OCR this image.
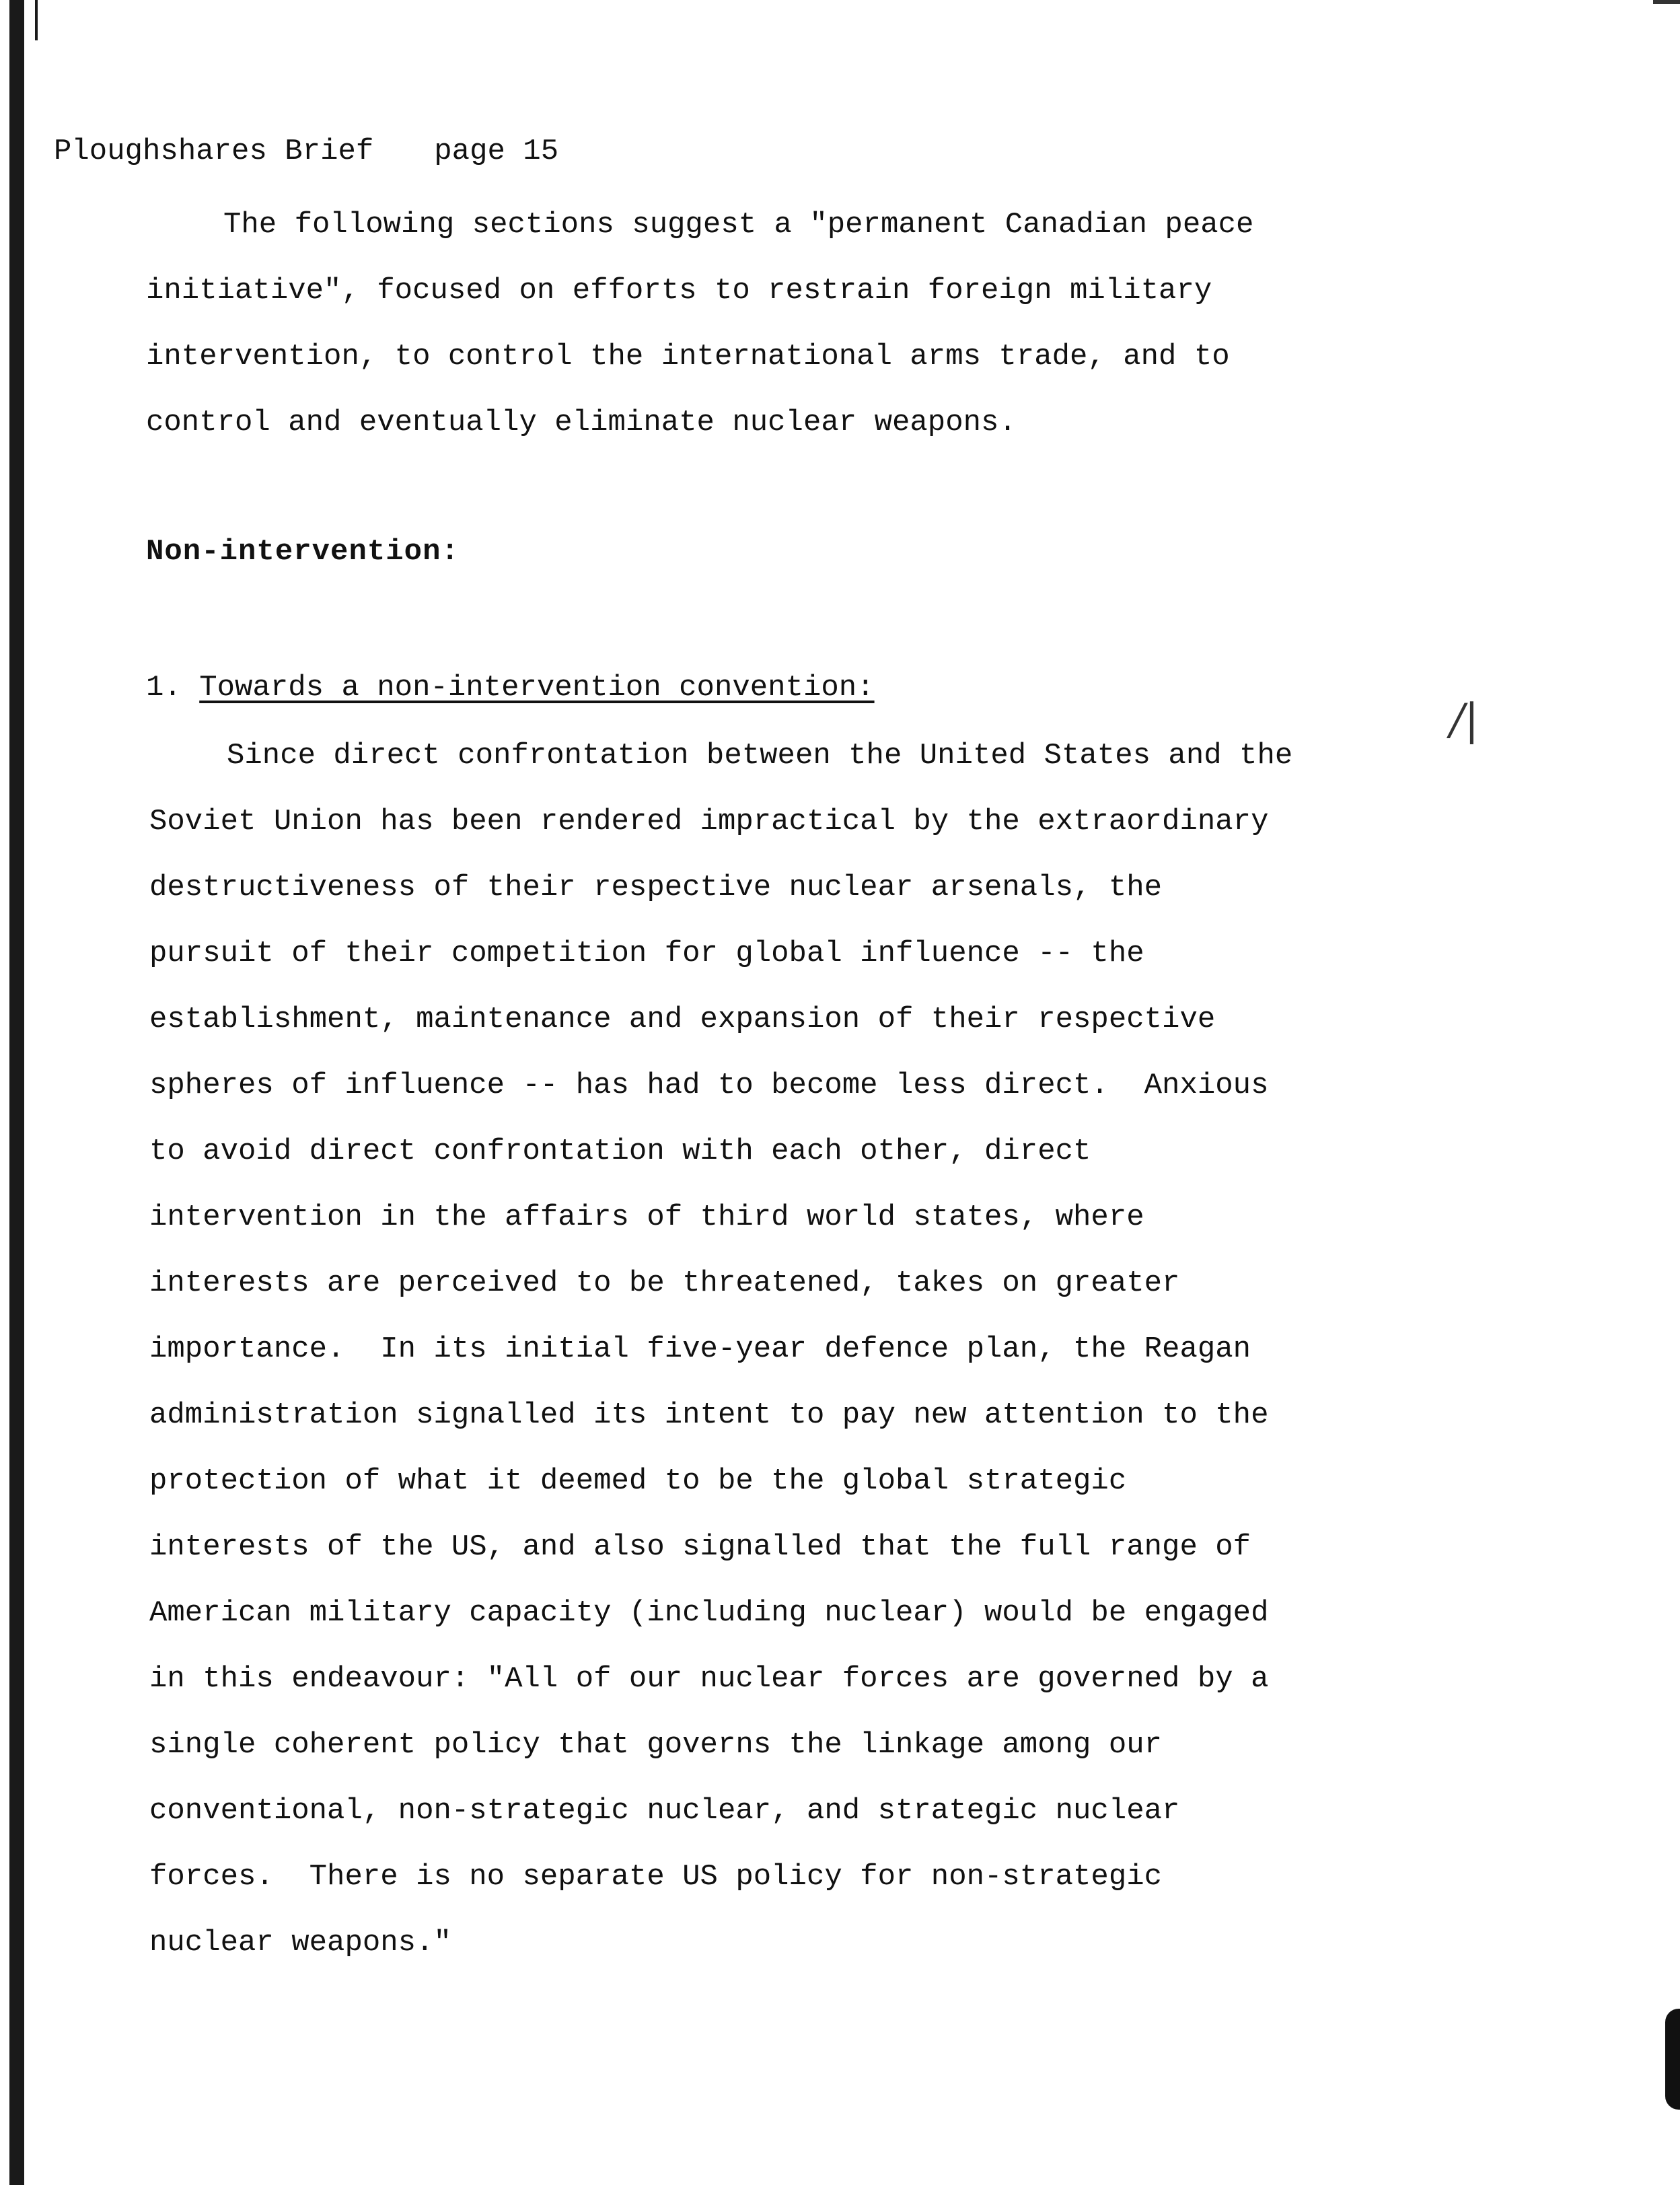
/|
Ploughshares Brief page 15
The following sections suggest a "permanent Canadian peace
initiative", focused on efforts to restrain foreign military
intervention, to control the international arms trade, and to
control and eventually eliminate nuclear weapons.
Non-intervention:
1. Towards a non-intervention convention:
Since direct confrontation between the United States and the
Soviet Union has been rendered impractical by the extraordinary
destructiveness of their respective nuclear arsenals, the
pursuit of their competition for global influence -- the
establishment, maintenance and expansion of their respective
spheres of influence -- has had to become less direct.  Anxious
to avoid direct confrontation with each other, direct
intervention in the affairs of third world states, where
interests are perceived to be threatened, takes on greater
importance.  In its initial five-year defence plan, the Reagan
administration signalled its intent to pay new attention to the
protection of what it deemed to be the global strategic
interests of the US, and also signalled that the full range of
American military capacity (including nuclear) would be engaged
in this endeavour: "All of our nuclear forces are governed by a
single coherent policy that governs the linkage among our
conventional, non-strategic nuclear, and strategic nuclear
forces.  There is no separate US policy for non-strategic
nuclear weapons."
